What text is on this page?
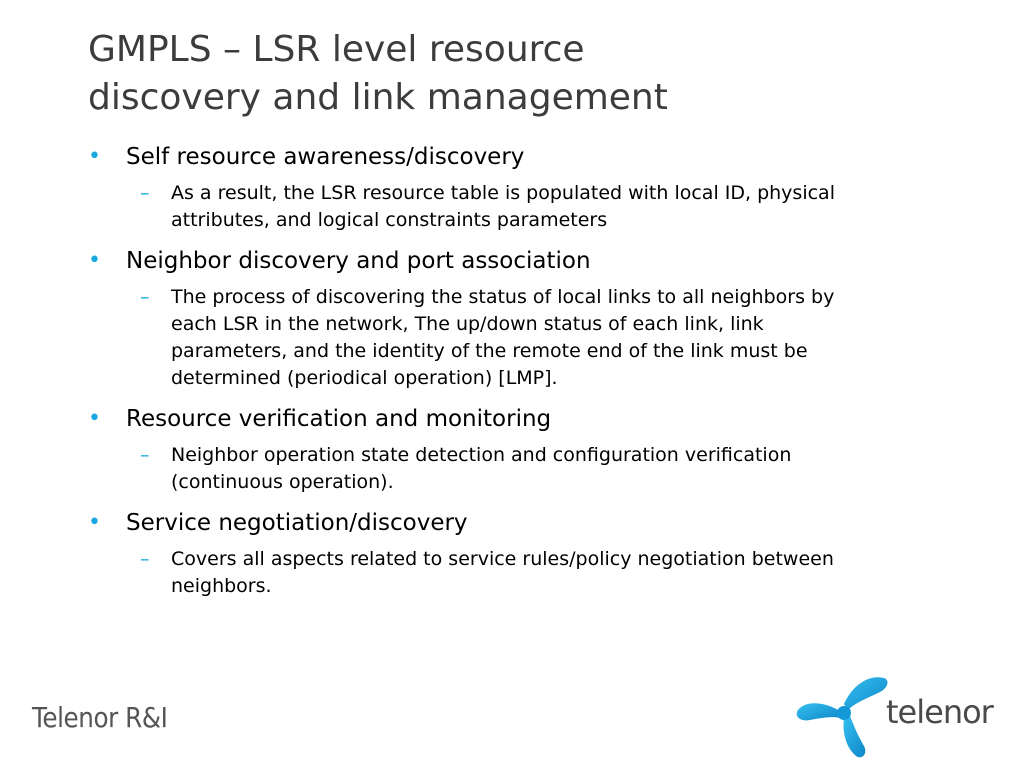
GMPLS – LSR level resource
discovery and link management
• Self resource awareness/discovery
– As a result, the LSR resource table is populated with local ID, physical attributes, and logical constraints parameters
• Neighbor discovery and port association
– The process of discovering the status of local links to all neighbors by each LSR in the network, The up/down status of each link, link parameters, and the identity of the remote end of the link must be determined (periodical operation) [LMP].
• Resource verification and monitoring
– Neighbor operation state detection and configuration verification (continuous operation).
• Service negotiation/discovery
– Covers all aspects related to service rules/policy negotiation between neighbors.
Telenor R&I	telenor
